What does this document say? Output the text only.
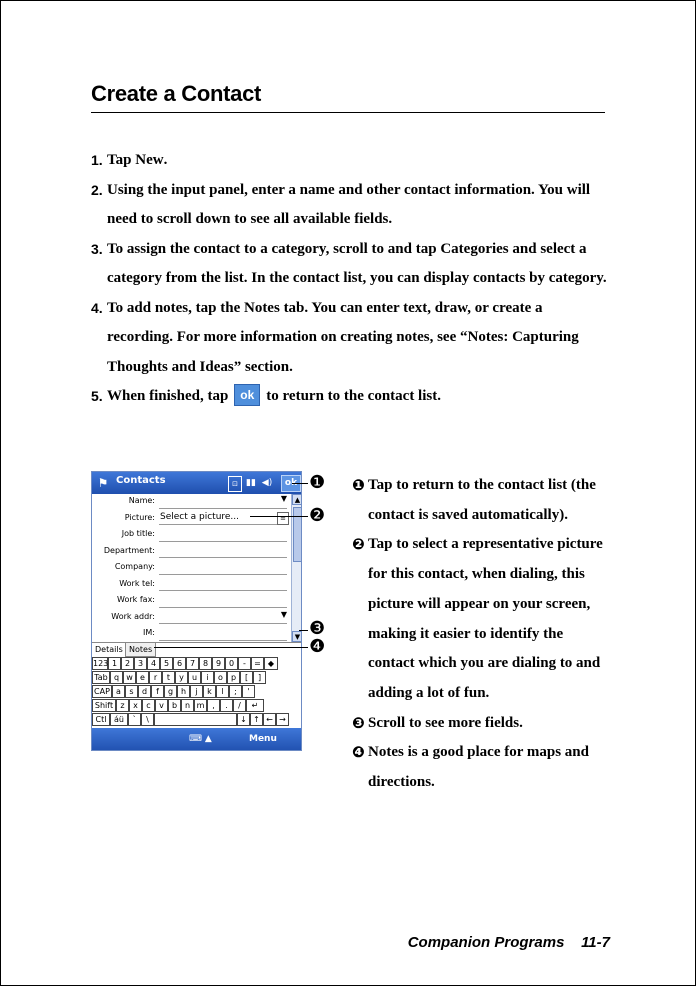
Create a Contact
1. Tap New.
2. Using the input panel, enter a name and other contact information. You will need to scroll down to see all available fields.
3. To assign the contact to a category, scroll to and tap Categories and select a category from the list. In the contact list, you can display contacts by category.
4. To add notes, tap the Notes tab. You can enter text, draw, or create a recording. For more information on creating notes, see “Notes: Capturing Thoughts and Ideas” section.
5. When finished, tap ok to return to the contact list.
⚑ Contacts	⊡ ▮▮ ◀)	ok
Name:	▼
Picture: Select a picture...	≡
Job title:
Department:
Company:
Work tel:
Work fax:
Work addr:	▼
IM:
▲
▼
Details Notes
123 1 2 3 4 5 6 7 8 9 0	-	= ◆
Tab q w e	r	t	y	u	i	o	p	[	]
CAP a	s	d	f	g h	j	k	l	;	'
Shift z	x	c	v	b n m ,	.	/	↵
Ctl áü	`	\	↓ ↑ ← →
⌨ ▲	Menu
❶
❷
❸
❹
❶ Tap to return to the contact list (the contact is saved automatically).
❷ Tap to select a representative picture for this contact, when dialing, this picture will appear on your screen, making it easier to identify the contact which you are dialing to and adding a lot of fun.
❸ Scroll to see more fields.
❹ Notes is a good place for maps and directions.
Companion Programs 11-7
